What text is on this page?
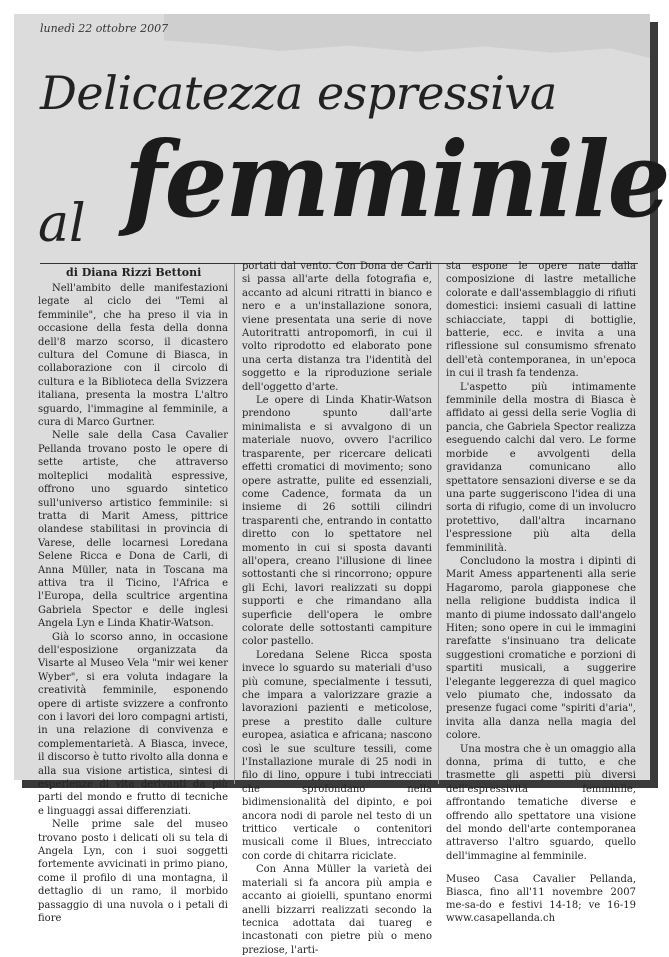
lunedì 22 ottobre 2007
Delicatezza espressiva
al femminile
di Diana Rizzi Bettoni

Nell'ambito delle manifestazioni legate al ciclo dei "Temi al femminile", che ha preso il via in occasione della festa della donna dell'8 marzo scorso, il dicastero cultura del Comune di Biasca, in collaborazione con il circolo di cultura e la Biblioteca della Svizzera italiana, presenta la mostra L'altro sguardo, l'immagine al femminile, a cura di Marco Gurtner.

Nelle sale della Casa Cavalier Pellanda trovano posto le opere di sette artiste, che attraverso molteplici modalità espressive, offrono uno sguardo sintetico sull'universo artistico femminile: si tratta di Marit Amess, pittrice olandese stabilitasi in provincia di Varese, delle locarnesi Loredana Selene Ricca e Dona de Carli, di Anna Müller, nata in Toscana ma attiva tra il Ticino, l'Africa e l'Europa, della scultrice argentina Gabriela Spector e delle inglesi Angela Lyn e Linda Khatir-Watson.

Già lo scorso anno, in occasione dell'esposizione organizzata da Visarte al Museo Vela "mir wei kener Wyber", si era voluta indagare la creatività femminile, esponendo opere di artiste svizzere a confronto con i lavori dei loro compagni artisti, in una relazione di convivenza e complementarietà. A Biasca, invece, il discorso è tutto rivolto alla donna e alla sua visione artistica, sintesi di esperienze di vita derivanti da più parti del mondo e frutto di tecniche e linguaggi assai differenziati.

Nelle prime sale del museo trovano posto i delicati oli su tela di Angela Lyn, con i suoi soggetti fortemente avvicinati in primo piano, come il profilo di una montagna, il dettaglio di un ramo, il morbido passaggio di una nuvola o i petali di fiore

portati dal vento. Con Dona de Carli si passa all'arte della fotografia e, accanto ad alcuni ritratti in bianco e nero e a un'installazione sonora, viene presentata una serie di nove Autoritratti antropomorfi, in cui il volto riprodotto ed elaborato pone una certa distanza tra l'identità del soggetto e la riproduzione seriale dell'oggetto d'arte.

Le opere di Linda Khatir-Watson prendono spunto dall'arte minimalista e si avvalgono di un materiale nuovo, ovvero l'acrilico trasparente, per ricercare delicati effetti cromatici di movimento; sono opere astratte, pulite ed essenziali, come Cadence, formata da un insieme di 26 sottili cilindri trasparenti che, entrando in contatto diretto con lo spettatore nel momento in cui si sposta davanti all'opera, creano l'illusione di linee sottostanti che si rincorrono; oppure gli Echi, lavori realizzati su doppi supporti e che rimandano alla superficie dell'opera le ombre colorate delle sottostanti campiture color pastello.

Loredana Selene Ricca sposta invece lo sguardo su materiali d'uso più comune, specialmente i tessuti, che impara a valorizzare grazie a lavorazioni pazienti e meticolose, prese a prestito dalle culture europea, asiatica e africana; nascono così le sue sculture tessili, come l'Installazione murale di 25 nodi in filo di lino, oppure i tubi intrecciati che sprofondano nella bidimensionalità del dipinto, e poi ancora nodi di parole nel testo di un trittico verticale o contenitori musicali come il Blues, intrecciato con corde di chitarra riciclate.

Con Anna Müller la varietà dei materiali si fa ancora più ampia e accanto ai gioielli, spuntano enormi anelli bizzarri realizzati secondo la tecnica adottata dai tuareg e incastonati con pietre più o meno preziose, l'arti-

sta espone le opere nate dalla composizione di lastre metalliche colorate e dall'assemblaggio di rifiuti domestici: insiemi casuali di lattine schiacciate, tappi di bottiglie, batterie, ecc. e invita a una riflessione sul consumismo sfrenato dell'età contemporanea, in un'epoca in cui il trash fa tendenza.

L'aspetto più intimamente femminile della mostra di Biasca è affidato ai gessi della serie Voglia di pancia, che Gabriela Spector realizza eseguendo calchi dal vero. Le forme morbide e avvolgenti della gravidanza comunicano allo spettatore sensazioni diverse e se da una parte suggeriscono l'idea di una sorta di rifugio, come di un involucro protettivo, dall'altra incarnano l'espressione più alta della femminilità.

Concludono la mostra i dipinti di Marit Amess appartenenti alla serie Hagaromo, parola giapponese che nella religione buddista indica il manto di piume indossato dall'angelo Hiten; sono opere in cui le immagini rarefatte s'insinuano tra delicate suggestioni cromatiche e porzioni di spartiti musicali, a suggerire l'elegante leggerezza di quel magico velo piumato che, indossato da presenze fugaci come "spiriti d'aria", invita alla danza nella magia del colore.

Una mostra che è un omaggio alla donna, prima di tutto, e che trasmette gli aspetti più diversi dell'espressività femminile, affrontando tematiche diverse e offrendo allo spettatore una visione del mondo dell'arte contemporanea attraverso l'altro sguardo, quello dell'immagine al femminile.

Museo Casa Cavalier Pellanda, Biasca, fino all'11 novembre 2007 me-sa-do e festivi 14-18; ve 16-19 www.casapellanda.ch
